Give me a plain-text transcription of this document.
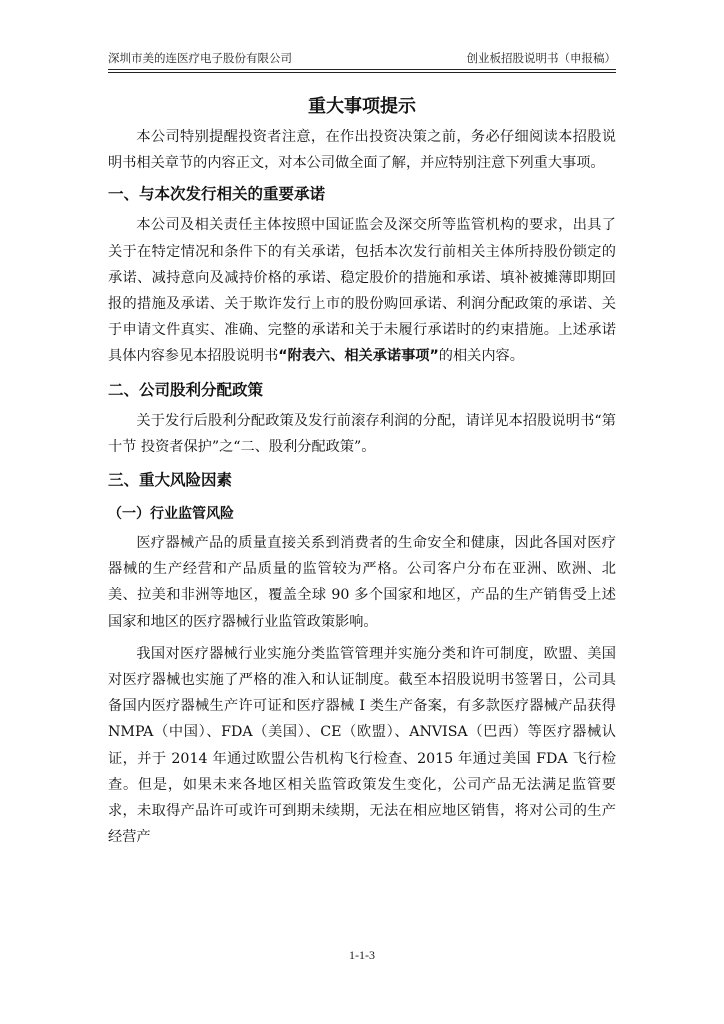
深圳市美的连医疗电子股份有限公司	创业板招股说明书（申报稿）
重大事项提示

本公司特别提醒投资者注意，在作出投资决策之前，务必仔细阅读本招股说明书相关章节的内容正文，对本公司做全面了解，并应特别注意下列重大事项。

一、与本次发行相关的重要承诺

本公司及相关责任主体按照中国证监会及深交所等监管机构的要求，出具了关于在特定情况和条件下的有关承诺，包括本次发行前相关主体所持股份锁定的承诺、减持意向及减持价格的承诺、稳定股价的措施和承诺、填补被摊薄即期回报的措施及承诺、关于欺诈发行上市的股份购回承诺、利润分配政策的承诺、关于申请文件真实、准确、完整的承诺和关于未履行承诺时的约束措施。上述承诺具体内容参见本招股说明书“附表六、相关承诺事项”的相关内容。

二、公司股利分配政策

关于发行后股利分配政策及发行前滚存利润的分配，请详见本招股说明书“第十节 投资者保护”之“二、股利分配政策”。

三、重大风险因素
（一）行业监管风险

医疗器械产品的质量直接关系到消费者的生命安全和健康，因此各国对医疗器械的生产经营和产品质量的监管较为严格。公司客户分布在亚洲、欧洲、北美、拉美和非洲等地区，覆盖全球 90 多个国家和地区，产品的生产销售受上述国家和地区的医疗器械行业监管政策影响。

我国对医疗器械行业实施分类监管管理并实施分类和许可制度，欧盟、美国对医疗器械也实施了严格的准入和认证制度。截至本招股说明书签署日，公司具备国内医疗器械生产许可证和医疗器械 I 类生产备案，有多款医疗器械产品获得 NMPA（中国）、FDA（美国）、CE（欧盟）、ANVISA（巴西）等医疗器械认证，并于 2014 年通过欧盟公告机构飞行检查、2015 年通过美国 FDA 飞行检查。但是，如果未来各地区相关监管政策发生变化，公司产品无法满足监管要求，未取得产品许可或许可到期未续期，无法在相应地区销售，将对公司的生产经营产

1-1-3
